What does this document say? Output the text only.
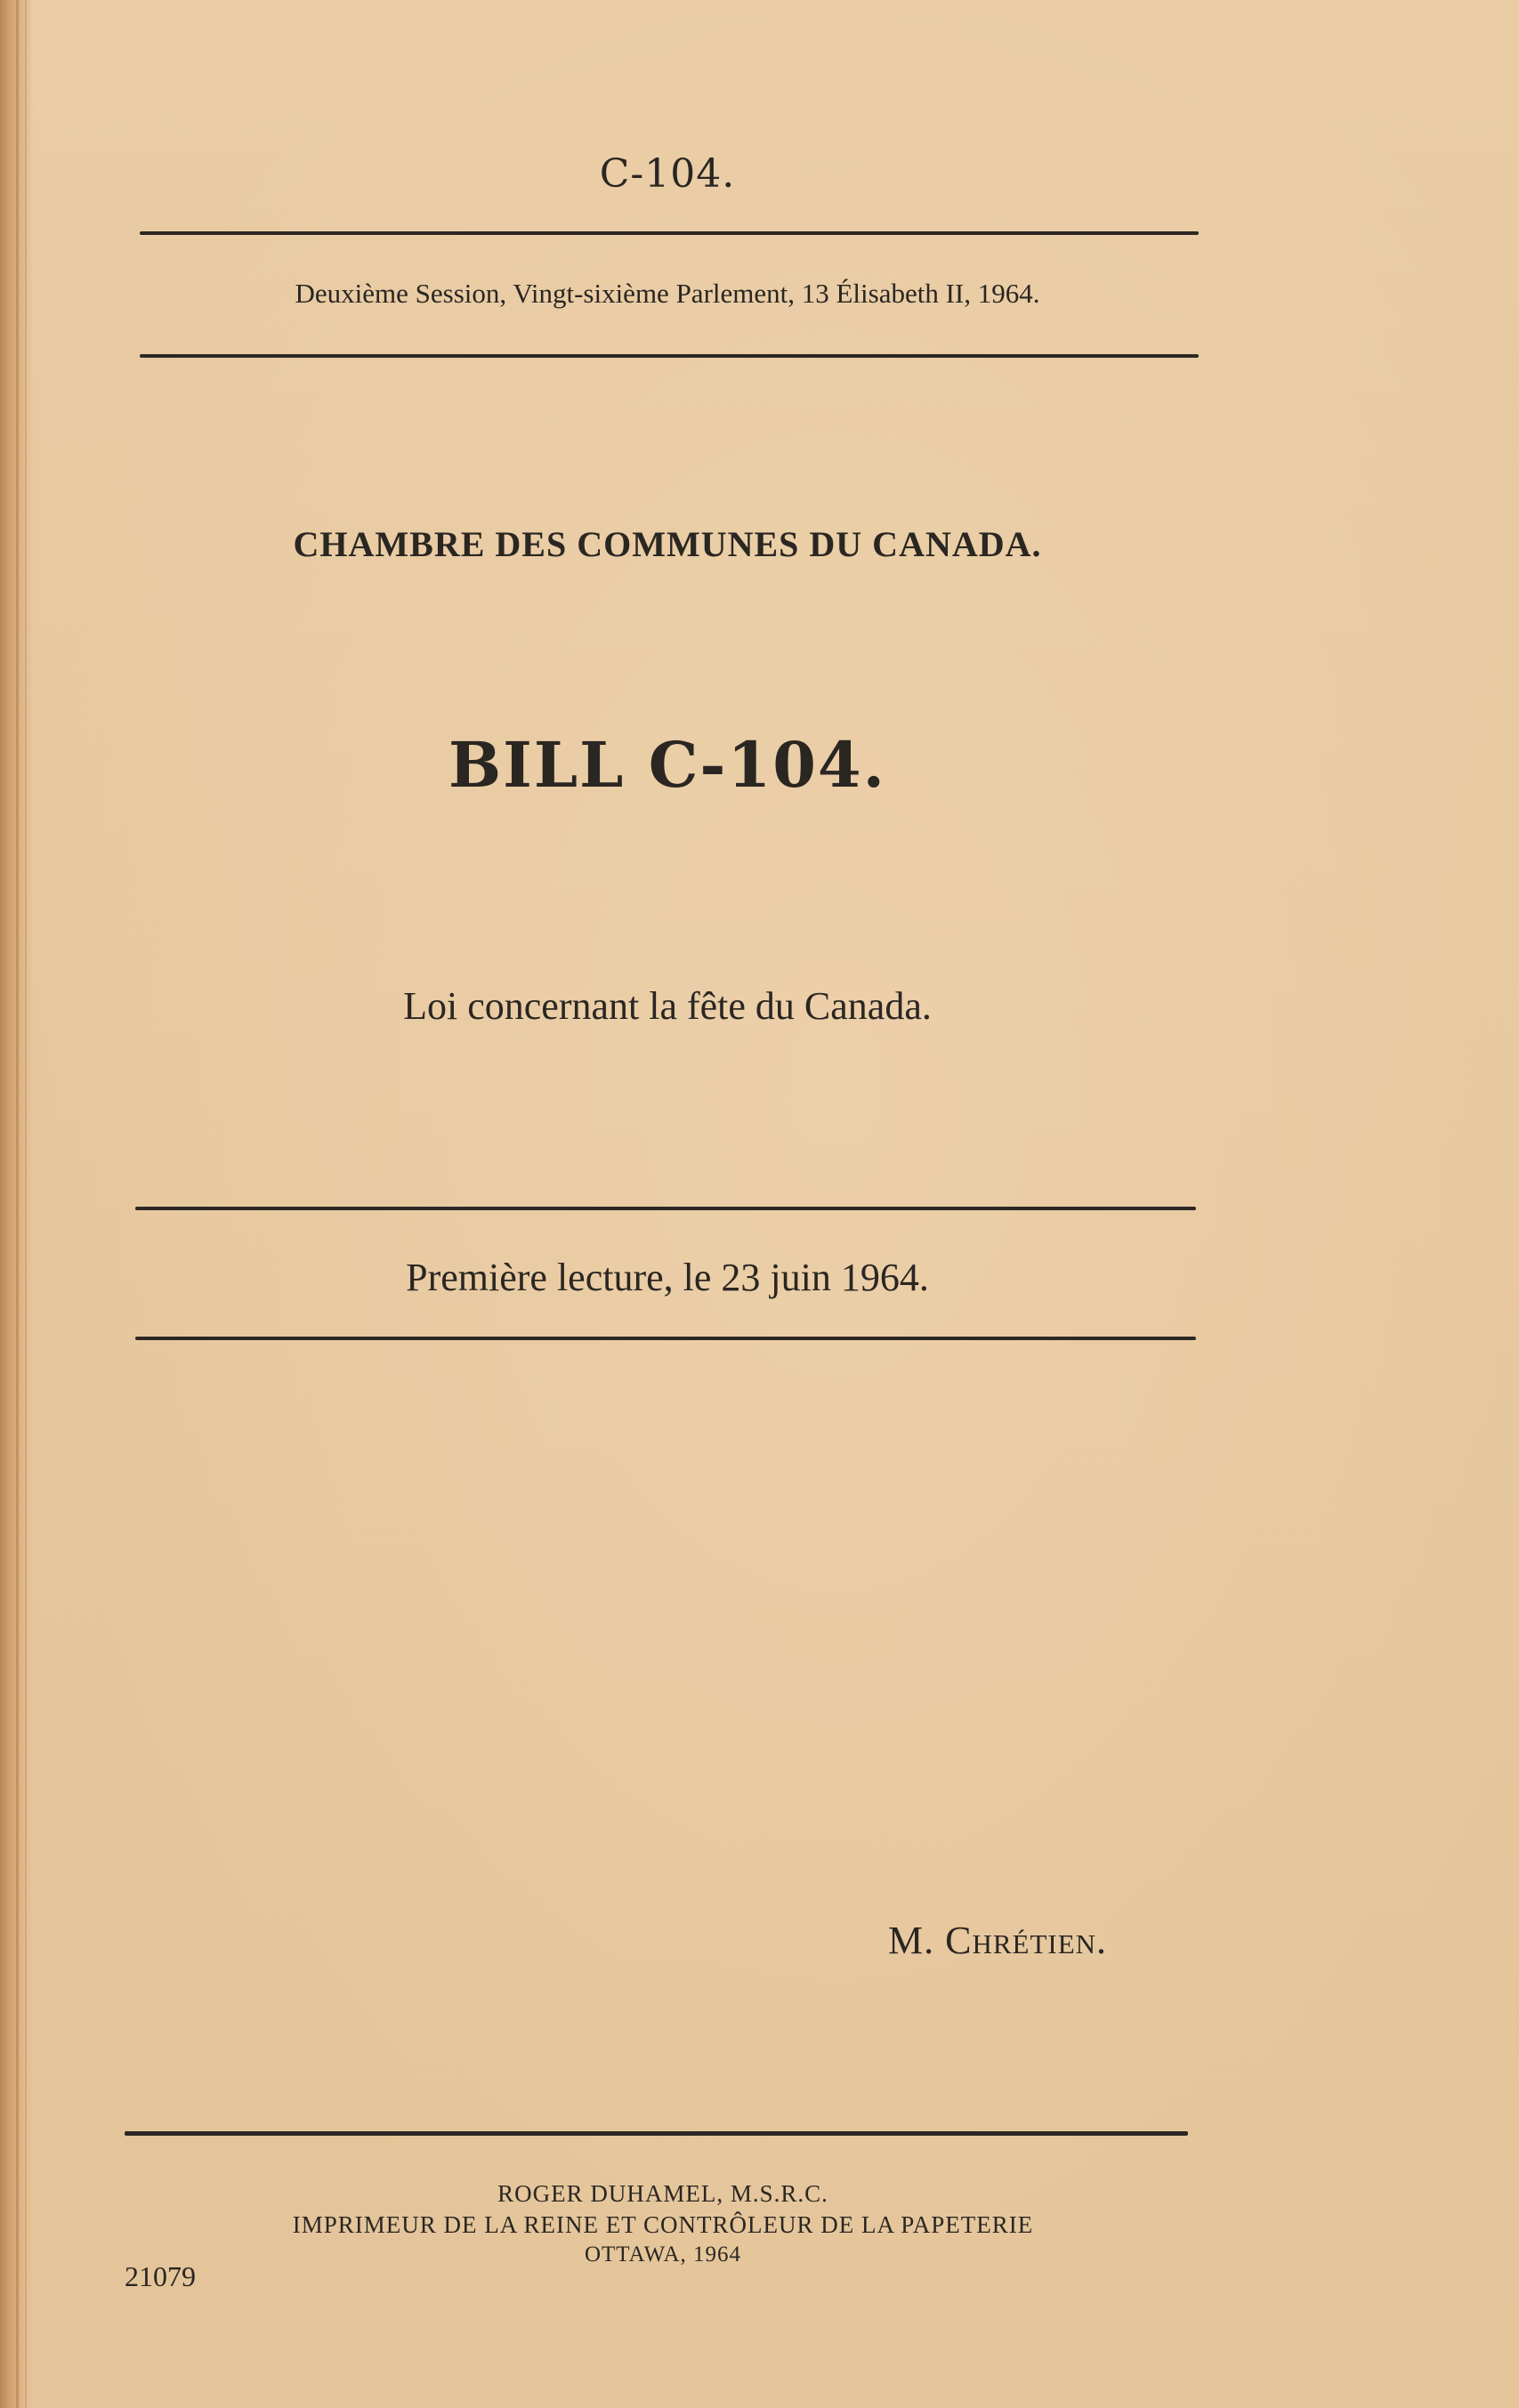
C-104.
Deuxième Session, Vingt-sixième Parlement, 13 Élisabeth II, 1964.
CHAMBRE DES COMMUNES DU CANADA.
BILL C-104.
Loi concernant la fête du Canada.
Première lecture, le 23 juin 1964.
M. Chrétien.
ROGER DUHAMEL, M.S.R.C.
IMPRIMEUR DE LA REINE ET CONTRÔLEUR DE LA PAPETERIE
OTTAWA, 1964
21079
